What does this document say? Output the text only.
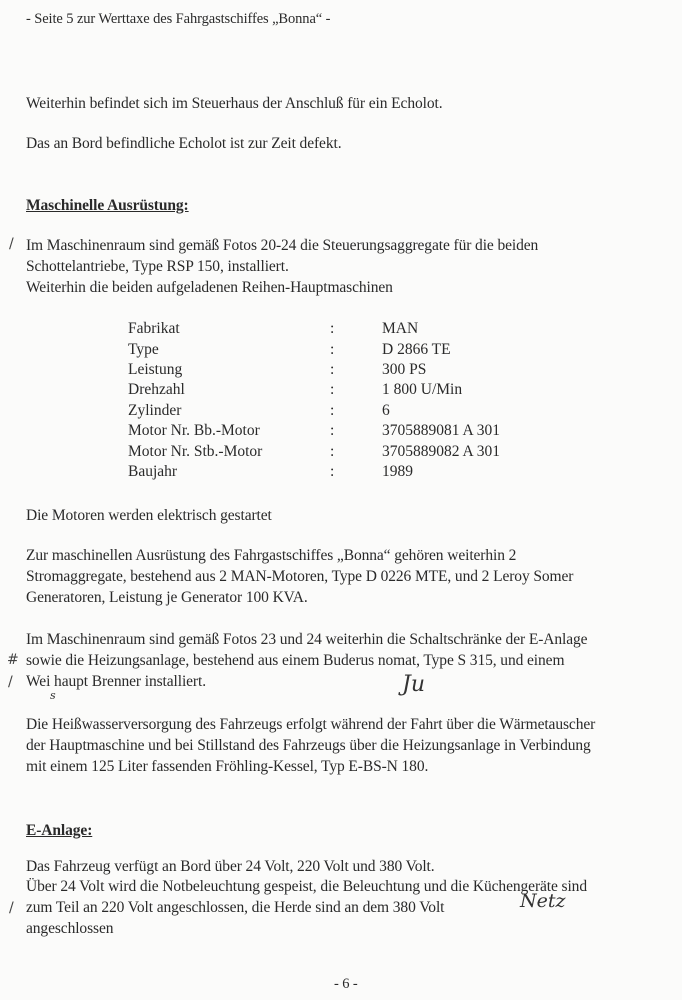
- Seite 5 zur Werttaxe des Fahrgastschiffes „Bonna“ -
Weiterhin befindet sich im Steuerhaus der Anschluß für ein Echolot.
Das an Bord befindliche Echolot ist zur Zeit defekt.
Maschinelle Ausrüstung:
/ Im Maschinenraum sind gemäß Fotos 20-24 die Steuerungsaggregate für die beiden
Schottelantriebe, Type RSP 150, installiert.
Weiterhin die beiden aufgeladenen Reihen-Hauptmaschinen
Fabrikat	:	MAN
Type	:	D 2866 TE
Leistung	:	300 PS
Drehzahl	:	1 800 U/Min
Zylinder	:	6
Motor Nr. Bb.-Motor	:	3705889081 A 301
Motor Nr. Stb.-Motor	:	3705889082 A 301
Baujahr	:	1989
Die Motoren werden elektrisch gestartet
Zur maschinellen Ausrüstung des Fahrgastschiffes „Bonna“ gehören weiterhin 2
Stromaggregate, bestehend aus 2 MAN-Motoren, Type D 0226 MTE, und 2 Leroy Somer
Generatoren, Leistung je Generator 100 KVA.
Im Maschinenraum sind gemäß Fotos 23 und 24 weiterhin die Schaltschränke der E-Anlage
# sowie die Heizungsanlage, bestehend aus einem Buderus nomat, Type S 315, und einem
/ Wei haupt Brenner installiert.	Ju
s
Die Heißwasserversorgung des Fahrzeugs erfolgt während der Fahrt über die Wärmetauscher
der Hauptmaschine und bei Stillstand des Fahrzeugs über die Heizungsanlage in Verbindung
mit einem 125 Liter fassenden Fröhling-Kessel, Typ E-BS-N 180.
E-Anlage:
Das Fahrzeug verfügt an Bord über 24 Volt, 220 Volt und 380 Volt.
Über 24 Volt wird die Notbeleuchtung gespeist, die Beleuchtung und die Küchengeräte sind
/ zum Teil an 220 Volt angeschlossen, die Herde sind an dem 380 Volt	Netz
angeschlossen
- 6 -
